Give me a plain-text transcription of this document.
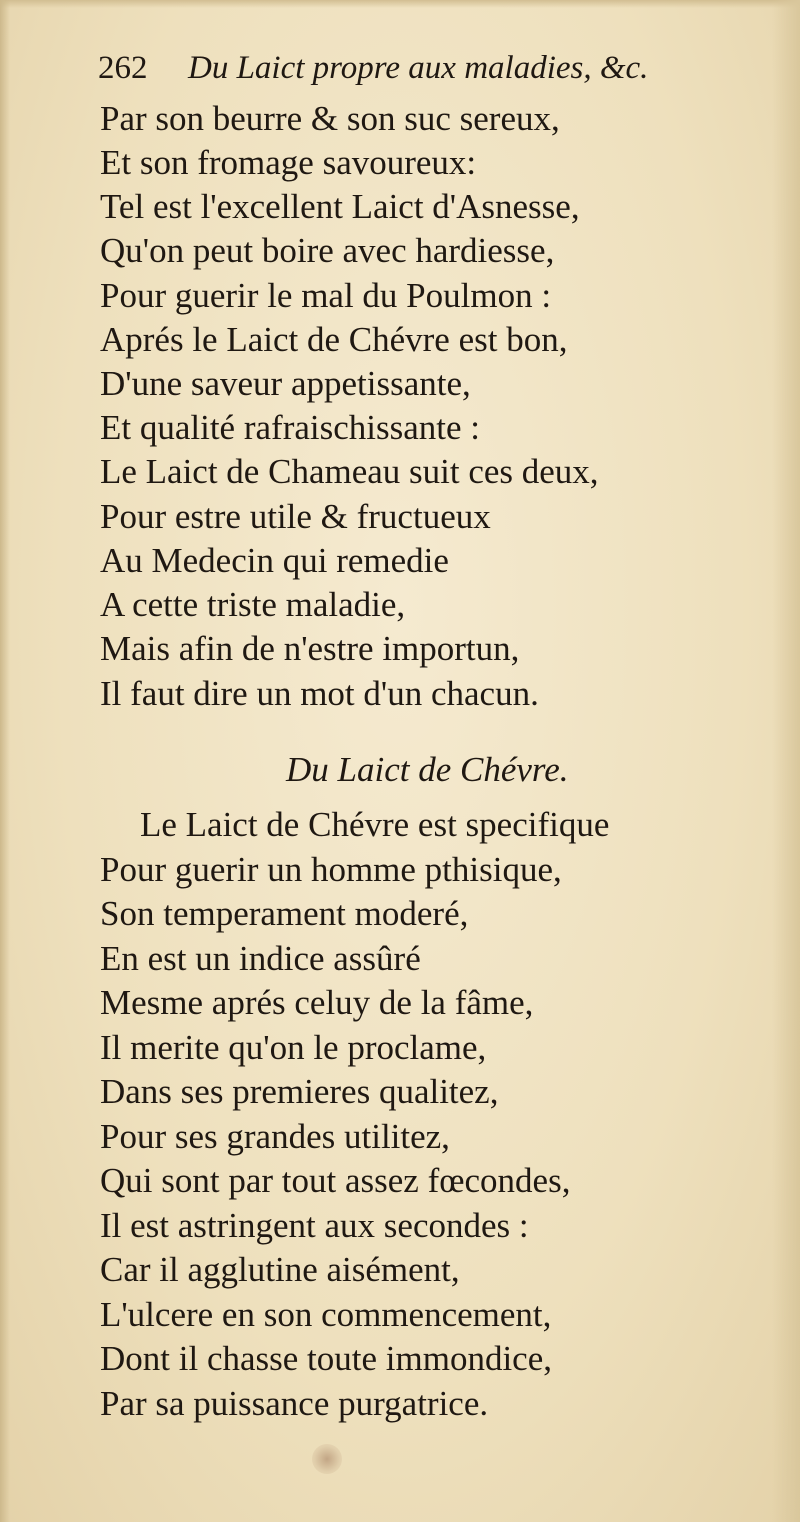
262 Du Laict propre aux maladies, &c.
Par son beurre & son suc sereux,
Et son fromage savoureux:
Tel est l'excellent Laict d'Asnesse,
Qu'on peut boire avec hardiesse,
Pour guerir le mal du Poulmon :
Aprés le Laict de Chévre est bon,
D'une saveur appetissante,
Et qualité rafraischissante :
Le Laict de Chameau suit ces deux,
Pour estre utile & fructueux
Au Medecin qui remedie
A cette triste maladie,
Mais afin de n'estre importun,
Il faut dire un mot d'un chacun.
Du Laict de Chévre.
Le Laict de Chévre est specifique
Pour guerir un homme pthisique,
Son temperament moderé,
En est un indice assûré
Mesme aprés celuy de la fâme,
Il merite qu'on le proclame,
Dans ses premieres qualitez,
Pour ses grandes utilitez,
Qui sont par tout assez fœcondes,
Il est astringent aux secondes :
Car il agglutine aisément,
L'ulcere en son commencement,
Dont il chasse toute immondice,
Par sa puissance purgatrice.
